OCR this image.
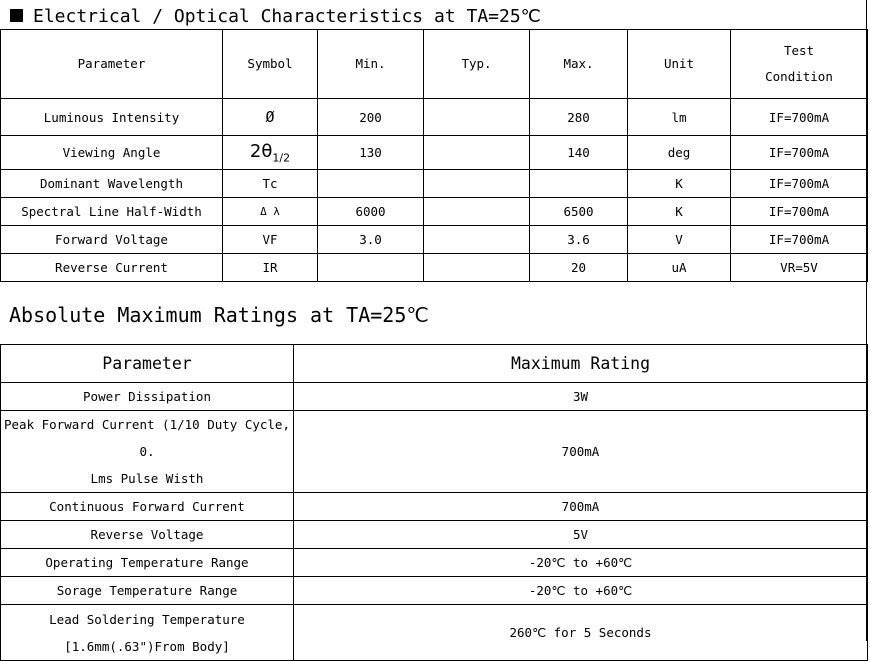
Electrical / Optical Characteristics at TA=25℃
Parameter	Symbol	Min.	Typ.	Max.	Unit	Test
Condition
Luminous Intensity	Ø	200		280	lm	IF=700mA
Viewing Angle	$2\theta_{1/2}$	130		140	deg	IF=700mA
Dominant Wavelength	Tc				K	IF=700mA
Spectral Line Half-Width	Δ λ	6000		6500	K	IF=700mA
Forward Voltage	VF	3.0		3.6	V	IF=700mA
Reverse Current	IR			20	uA	VR=5V
Absolute Maximum Ratings at TA=25℃
Parameter	Maximum Rating
Power Dissipation	3W
Peak Forward Current (1/10 Duty Cycle, 0.
Lms Pulse Wisth	700mA
Continuous Forward Current	700mA
Reverse Voltage	5V
Operating Temperature Range	-20℃ to +60℃
Sorage Temperature Range	-20℃ to +60℃
Lead Soldering Temperature
[1.6mm(.63")From Body]	260℃ for 5 Seconds
